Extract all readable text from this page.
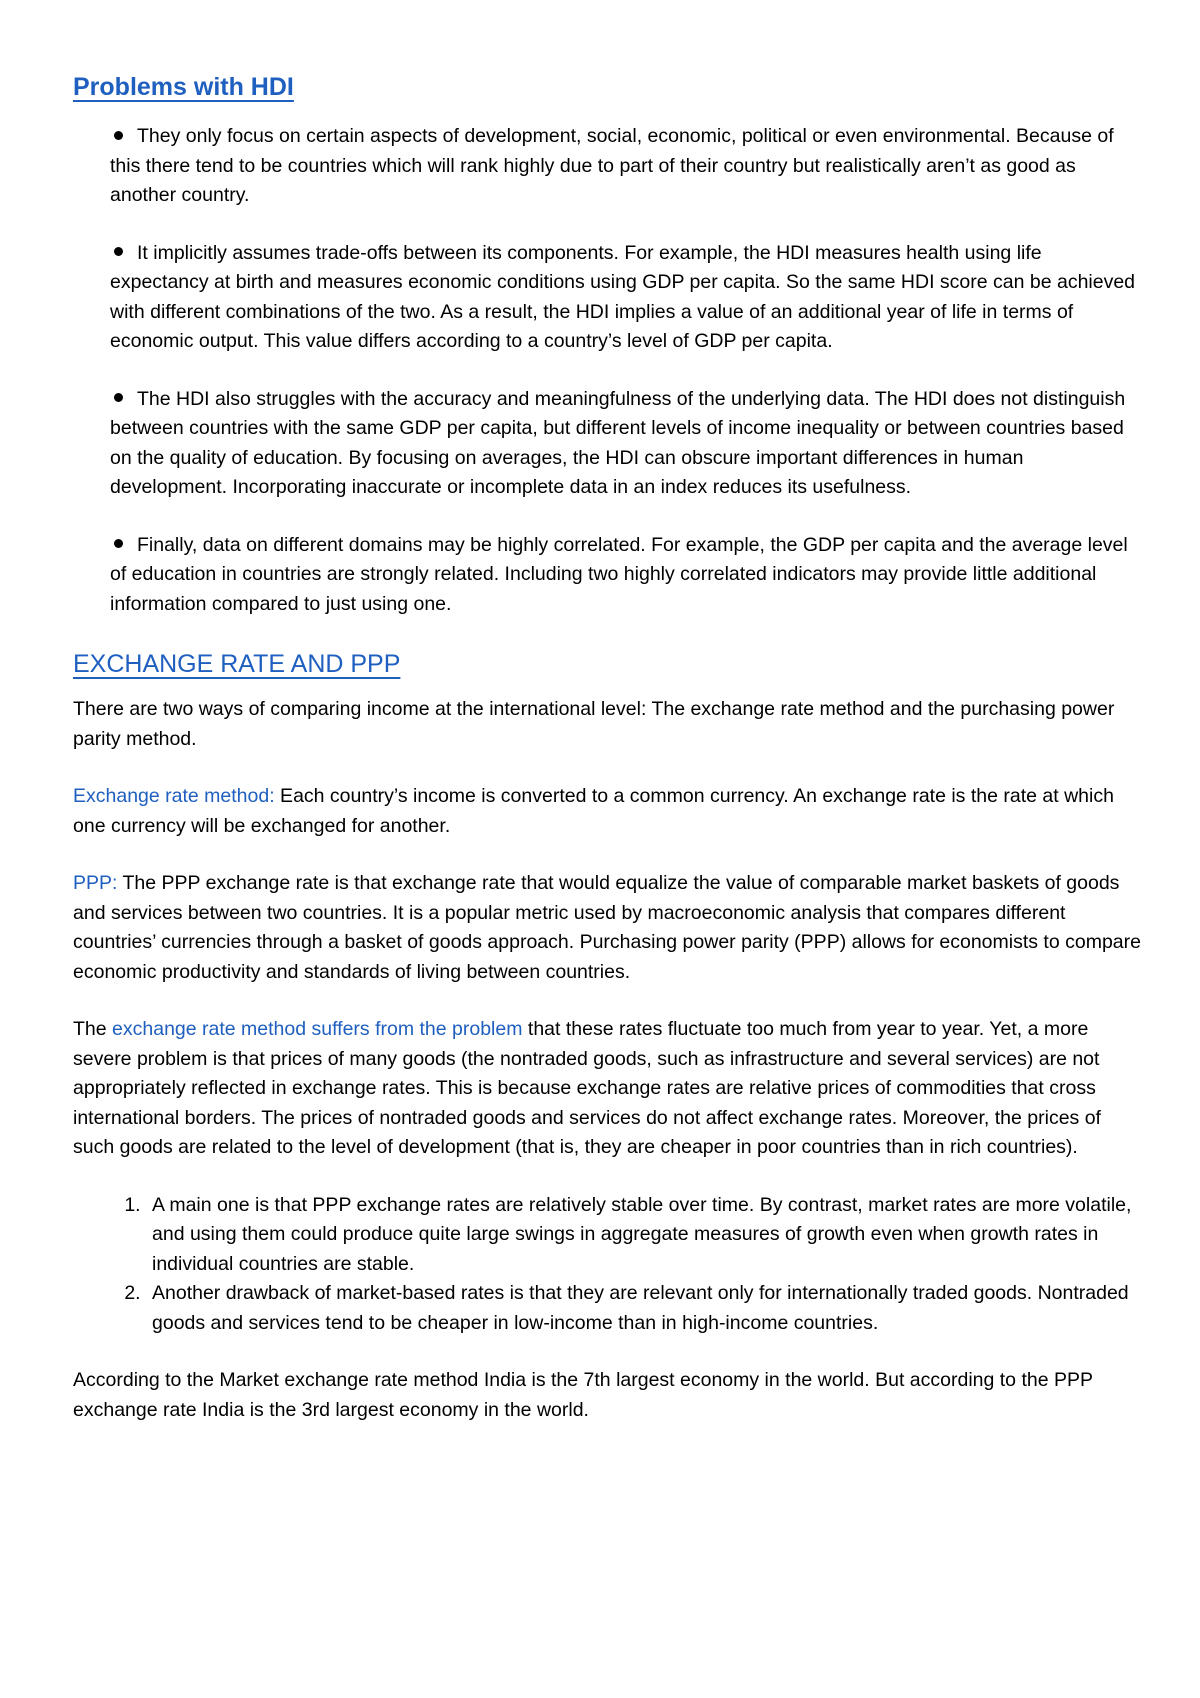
Problems with HDI
They only focus on certain aspects of development, social, economic, political or even environmental. Because of this there tend to be countries which will rank highly due to part of their country but realistically aren’t as good as another country.
It implicitly assumes trade-offs between its components. For example, the HDI measures health using life expectancy at birth and measures economic conditions using GDP per capita. So the same HDI score can be achieved with different combinations of the two. As a result, the HDI implies a value of an additional year of life in terms of economic output. This value differs according to a country’s level of GDP per capita.
The HDI also struggles with the accuracy and meaningfulness of the underlying data. The HDI does not distinguish between countries with the same GDP per capita, but different levels of income inequality or between countries based on the quality of education. By focusing on averages, the HDI can obscure important differences in human development. Incorporating inaccurate or incomplete data in an index reduces its usefulness.
Finally, data on different domains may be highly correlated. For example, the GDP per capita and the average level of education in countries are strongly related. Including two highly correlated indicators may provide little additional information compared to just using one.
EXCHANGE RATE AND PPP

There are two ways of comparing income at the international level: The exchange rate method and the purchasing power parity method.

Exchange rate method: Each country’s income is converted to a common currency. An exchange rate is the rate at which one currency will be exchanged for another.

PPP: The PPP exchange rate is that exchange rate that would equalize the value of comparable market baskets of goods and services between two countries. It is a popular metric used by macroeconomic analysis that compares different countries’ currencies through a basket of goods approach. Purchasing power parity (PPP) allows for economists to compare economic productivity and standards of living between countries.

The exchange rate method suffers from the problem that these rates fluctuate too much from year to year. Yet, a more severe problem is that prices of many goods (the nontraded goods, such as infrastructure and several services) are not appropriately reflected in exchange rates. This is because exchange rates are relative prices of commodities that cross international borders. The prices of nontraded goods and services do not affect exchange rates. Moreover, the prices of such goods are related to the level of development (that is, they are cheaper in poor countries than in rich countries).

1. A main one is that PPP exchange rates are relatively stable over time. By contrast, market rates are more volatile, and using them could produce quite large swings in aggregate measures of growth even when growth rates in individual countries are stable.
2. Another drawback of market-based rates is that they are relevant only for internationally traded goods. Nontraded goods and services tend to be cheaper in low-income than in high-income countries.

According to the Market exchange rate method India is the 7th largest economy in the world. But according to the PPP exchange rate India is the 3rd largest economy in the world.
